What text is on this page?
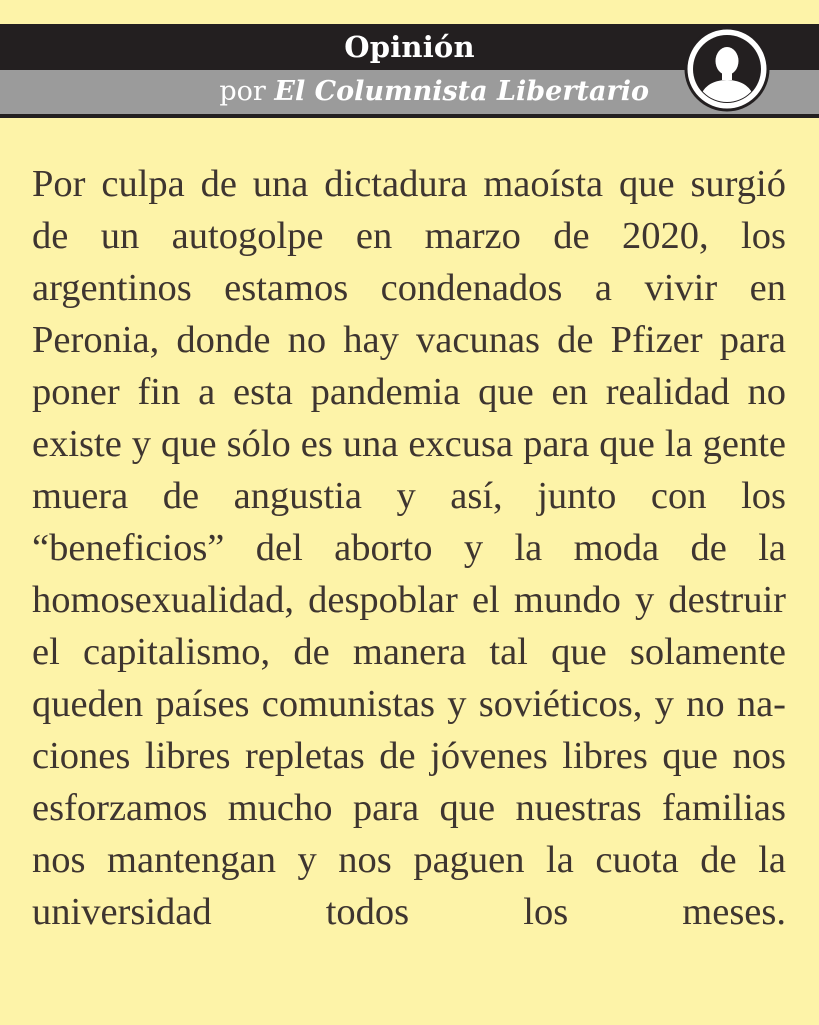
Opinión
por El Columnista Libertario

Por culpa de una dictadura maoísta que surgió de un autogolpe en marzo de 2020, los argentinos estamos condenados a vivir en Peronia, donde no hay vacunas de Pfizer para poner fin a esta pandemia que en realidad no existe y que sólo es una excusa para que la gente muera de angustia y así, junto con los “beneficios” del aborto y la moda de la homosexualidad, despoblar el mundo y destruir el capitalismo, de manera tal que solamente queden países comunistas y soviéticos, y no naciones libres repletas de jóvenes libres que nos esforzamos mucho para que nuestras familias nos mantengan y nos paguen la cuota de la universidad todos los meses.
